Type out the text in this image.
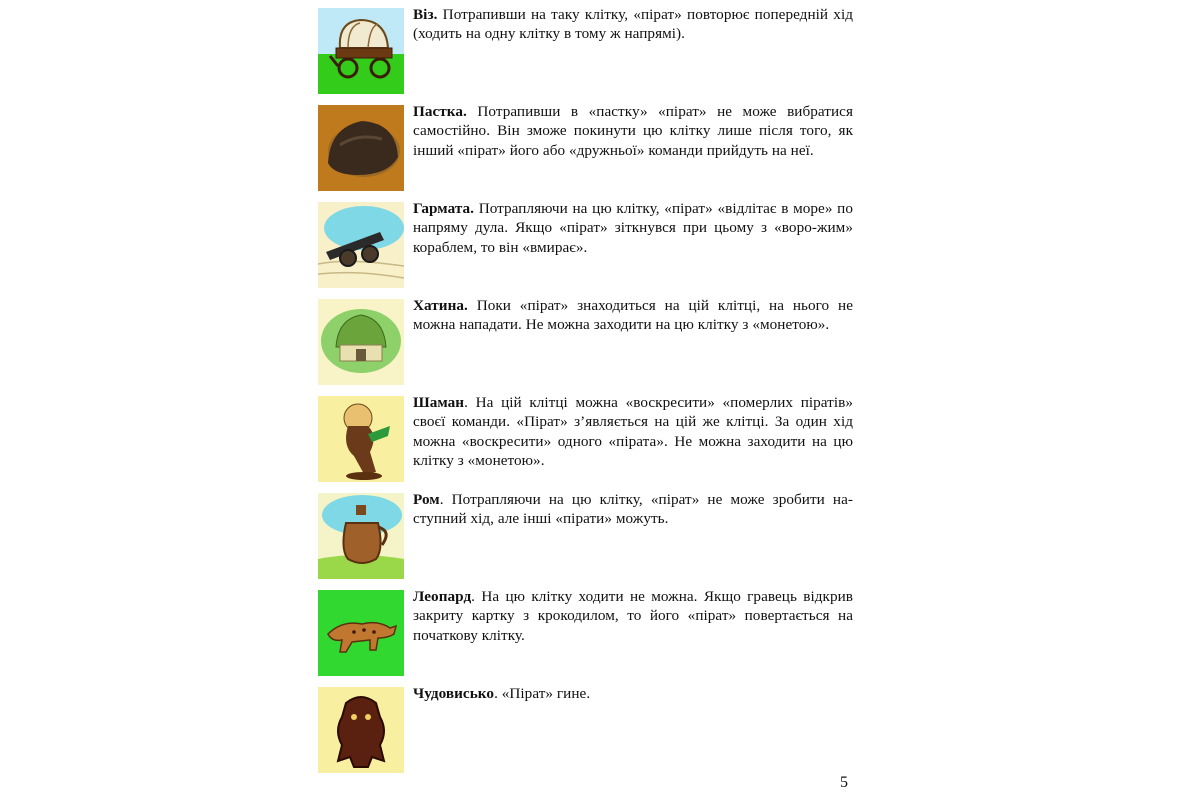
Віз. Потрапивши на таку клітку, «пірат» повторює попередній хід (ходить на одну клітку в тому ж напрямі).
Пастка. Потрапивши в «пастку» «пірат» не може вибратися самостійно. Він зможе покинути цю клітку лише після того, як інший «пірат» його або «дружньої» команди прийдуть на неї.
Гармата. Потрапляючи на цю клітку, «пірат» «відлітає в море» по напряму дула. Якщо «пірат» зіткнувся при цьому з «воро-жим» кораблем, то він «вмирає».
Хатина. Поки «пірат» знаходиться на цій клітці, на нього не можна нападати. Не можна заходити на цю клітку з «монетою».
Шаман. На цій клітці можна «воскресити» «померлих піратів» своєї команди. «Пірат» з’являється на цій же клітці. За один хід можна «воскресити» одного «пірата». Не можна заходити на цю клітку з «монетою».
Ром. Потрапляючи на цю клітку, «пірат» не може зробити на-ступний хід, але інші «пірати» можуть.
Леопард. На цю клітку ходити не можна. Якщо гравець відкрив закриту картку з крокодилом, то його «пірат» повертається на початкову клітку.
Чудовисько. «Пірат» гине.
5
